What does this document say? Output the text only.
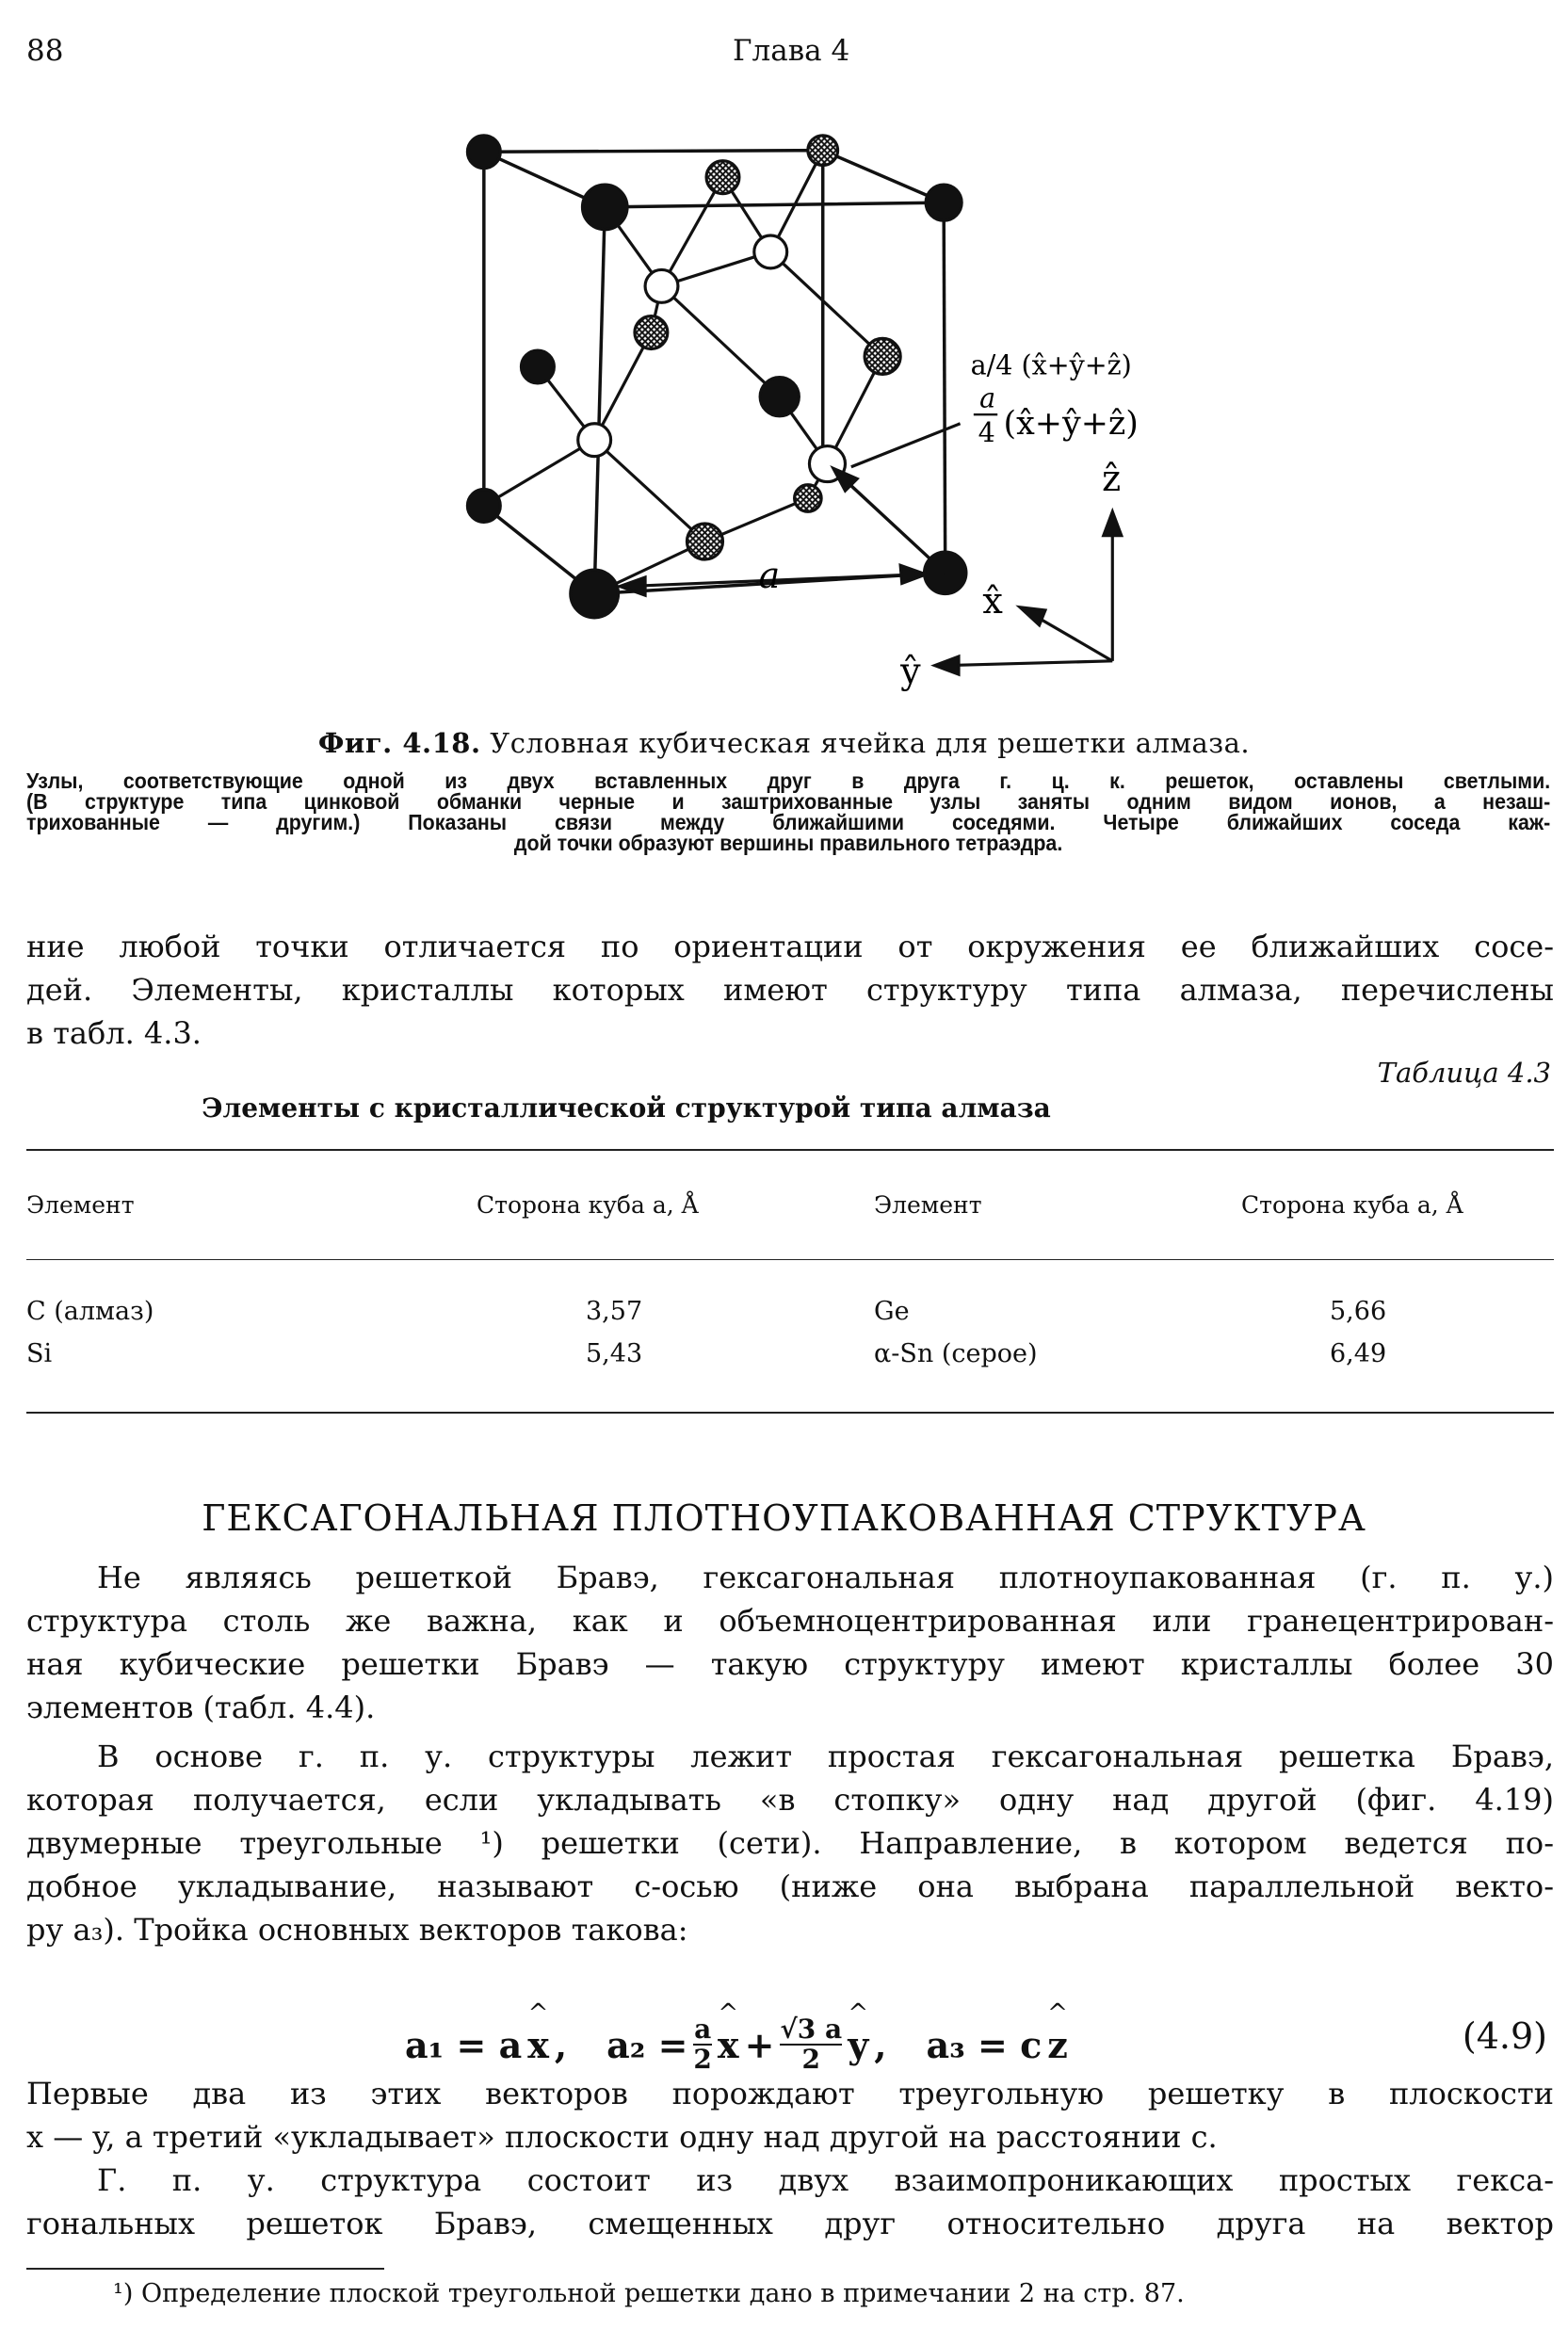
88	Глава 4
a
a/4 (x̂+ŷ+ẑ)
a
4 (x̂+ŷ+ẑ)
ẑ
x̂
ŷ
Фиг. 4.18. Условная кубическая ячейка для решетки алмаза.
Узлы, соответствующие одной из двух вставленных друг в друга г. ц. к. решеток, оставлены светлыми.
(В структуре типа цинковой обманки черные и заштрихованные узлы заняты одним видом ионов, а незаш-
трихованные — другим.) Показаны связи между ближайшими соседями. Четыре ближайших соседа каж-
дой точки образуют вершины правильного тетраэдра.
ние любой точки отличается по ориентации от окружения ее ближайших сосе-
дей. Элементы, кристаллы которых имеют структуру типа алмаза, перечислены
в табл. 4.3.
Таблица 4.3
Элементы с кристаллической структурой типа алмаза
Элемент	Сторона куба a, Å	Элемент	Сторона куба a, Å
C (алмаз)	3,57	Ge	5,66
Si	5,43	α-Sn (серое)	6,49
ГЕКСАГОНАЛЬНАЯ ПЛОТНОУПАКОВАННАЯ СТРУКТУРА
Не являясь решеткой Бравэ, гексагональная плотноупакованная (г. п. у.)
структура столь же важна, как и объемноцентрированная или гранецентрирован-
ная кубические решетки Бравэ — такую структуру имеют кристаллы более 30
элементов (табл. 4.4).
В основе г. п. у. структуры лежит простая гексагональная решетка Бравэ,
которая получается, если укладывать «в стопку» одну над другой (фиг. 4.19)
двумерные треугольные ¹) решетки (сети). Направление, в котором ведется по-
добное укладывание, называют c-осью (ниже она выбрана параллельной векто-
ру a₃). Тройка основных векторов такова:
a₁ = a ^ x , $a_2 = \frac{a}{2}$ ^ $x + \frac{√3 a}{2}$ ^ y , a₃ = c ^ z	(4.9)
Первые два из этих векторов порождают треугольную решетку в плоскости
x — y, а третий «укладывает» плоскости одну над другой на расстоянии c.
Г. п. у. структура состоит из двух взаимопроникающих простых гекса-
гональных решеток Бравэ, смещенных друг относительно друга на вектор
¹) Определение плоской треугольной решетки дано в примечании 2 на стр. 87.
